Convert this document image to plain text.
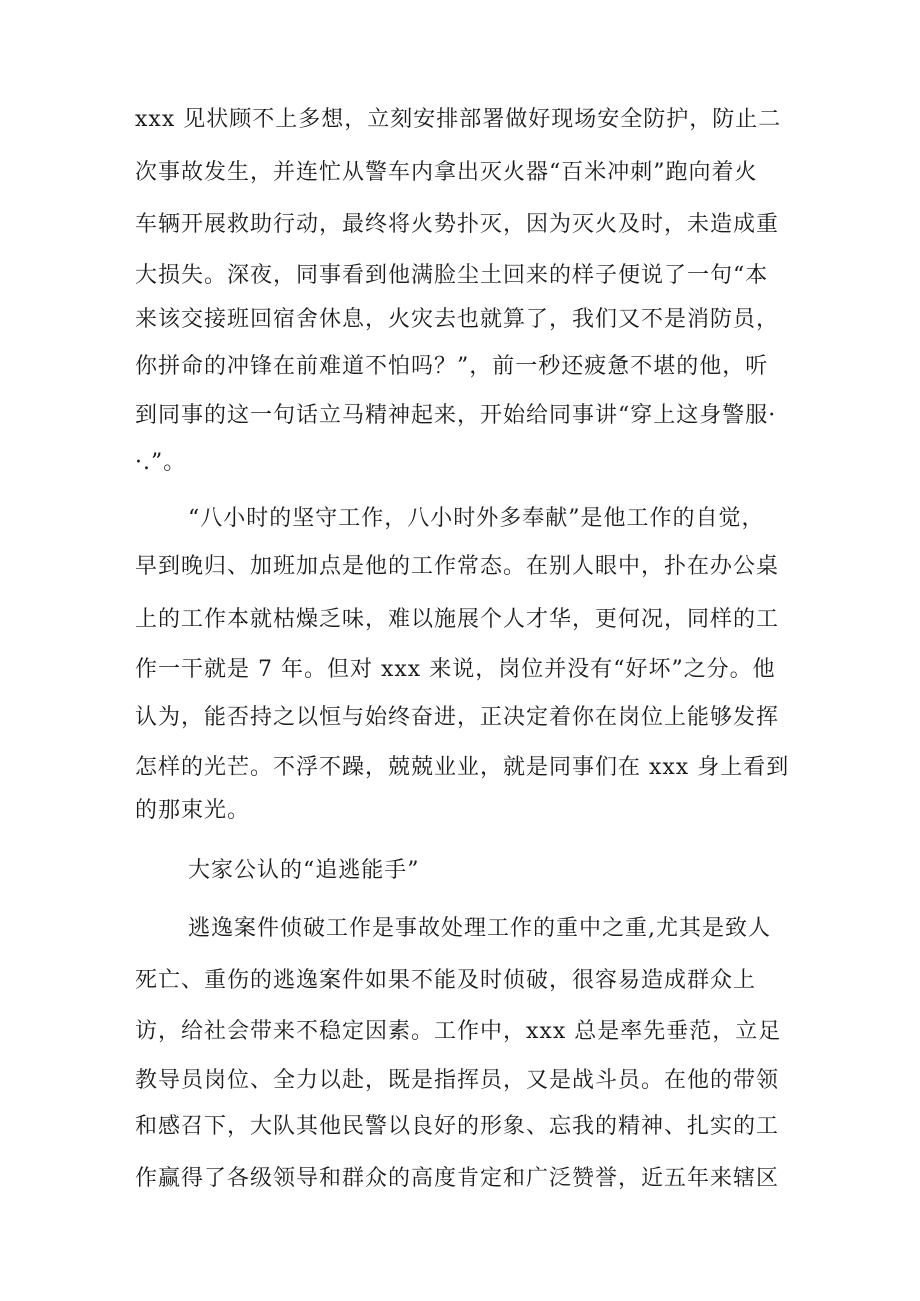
xxx 见状顾不上多想，立刻安排部署做好现场安全防护，防止二
次事故发生，并连忙从警车内拿出灭火器“百米冲刺”跑向着火
车辆开展救助行动，最终将火势扑灭，因为灭火及时，未造成重
大损失。深夜，同事看到他满脸尘土回来的样子便说了一句“本
来该交接班回宿舍休息，火灾去也就算了，我们又不是消防员，
你拼命的冲锋在前难道不怕吗？”，前一秒还疲惫不堪的他，听
到同事的这一句话立马精神起来，开始给同事讲“穿上这身警服·
·.”。
“八小时的坚守工作，八小时外多奉献”是他工作的自觉，
早到晚归、加班加点是他的工作常态。在别人眼中，扑在办公桌
上的工作本就枯燥乏味，难以施展个人才华，更何况，同样的工
作一干就是 7 年。但对 xxx 来说，岗位并没有“好坏”之分。他
认为，能否持之以恒与始终奋进，正决定着你在岗位上能够发挥
怎样的光芒。不浮不躁，兢兢业业，就是同事们在 xxx 身上看到
的那束光。
大家公认的“追逃能手”
逃逸案件侦破工作是事故处理工作的重中之重,尤其是致人
死亡、重伤的逃逸案件如果不能及时侦破，很容易造成群众上
访，给社会带来不稳定因素。工作中，xxx 总是率先垂范，立足
教导员岗位、全力以赴，既是指挥员，又是战斗员。在他的带领
和感召下，大队其他民警以良好的形象、忘我的精神、扎实的工
作赢得了各级领导和群众的高度肯定和广泛赞誉，近五年来辖区
